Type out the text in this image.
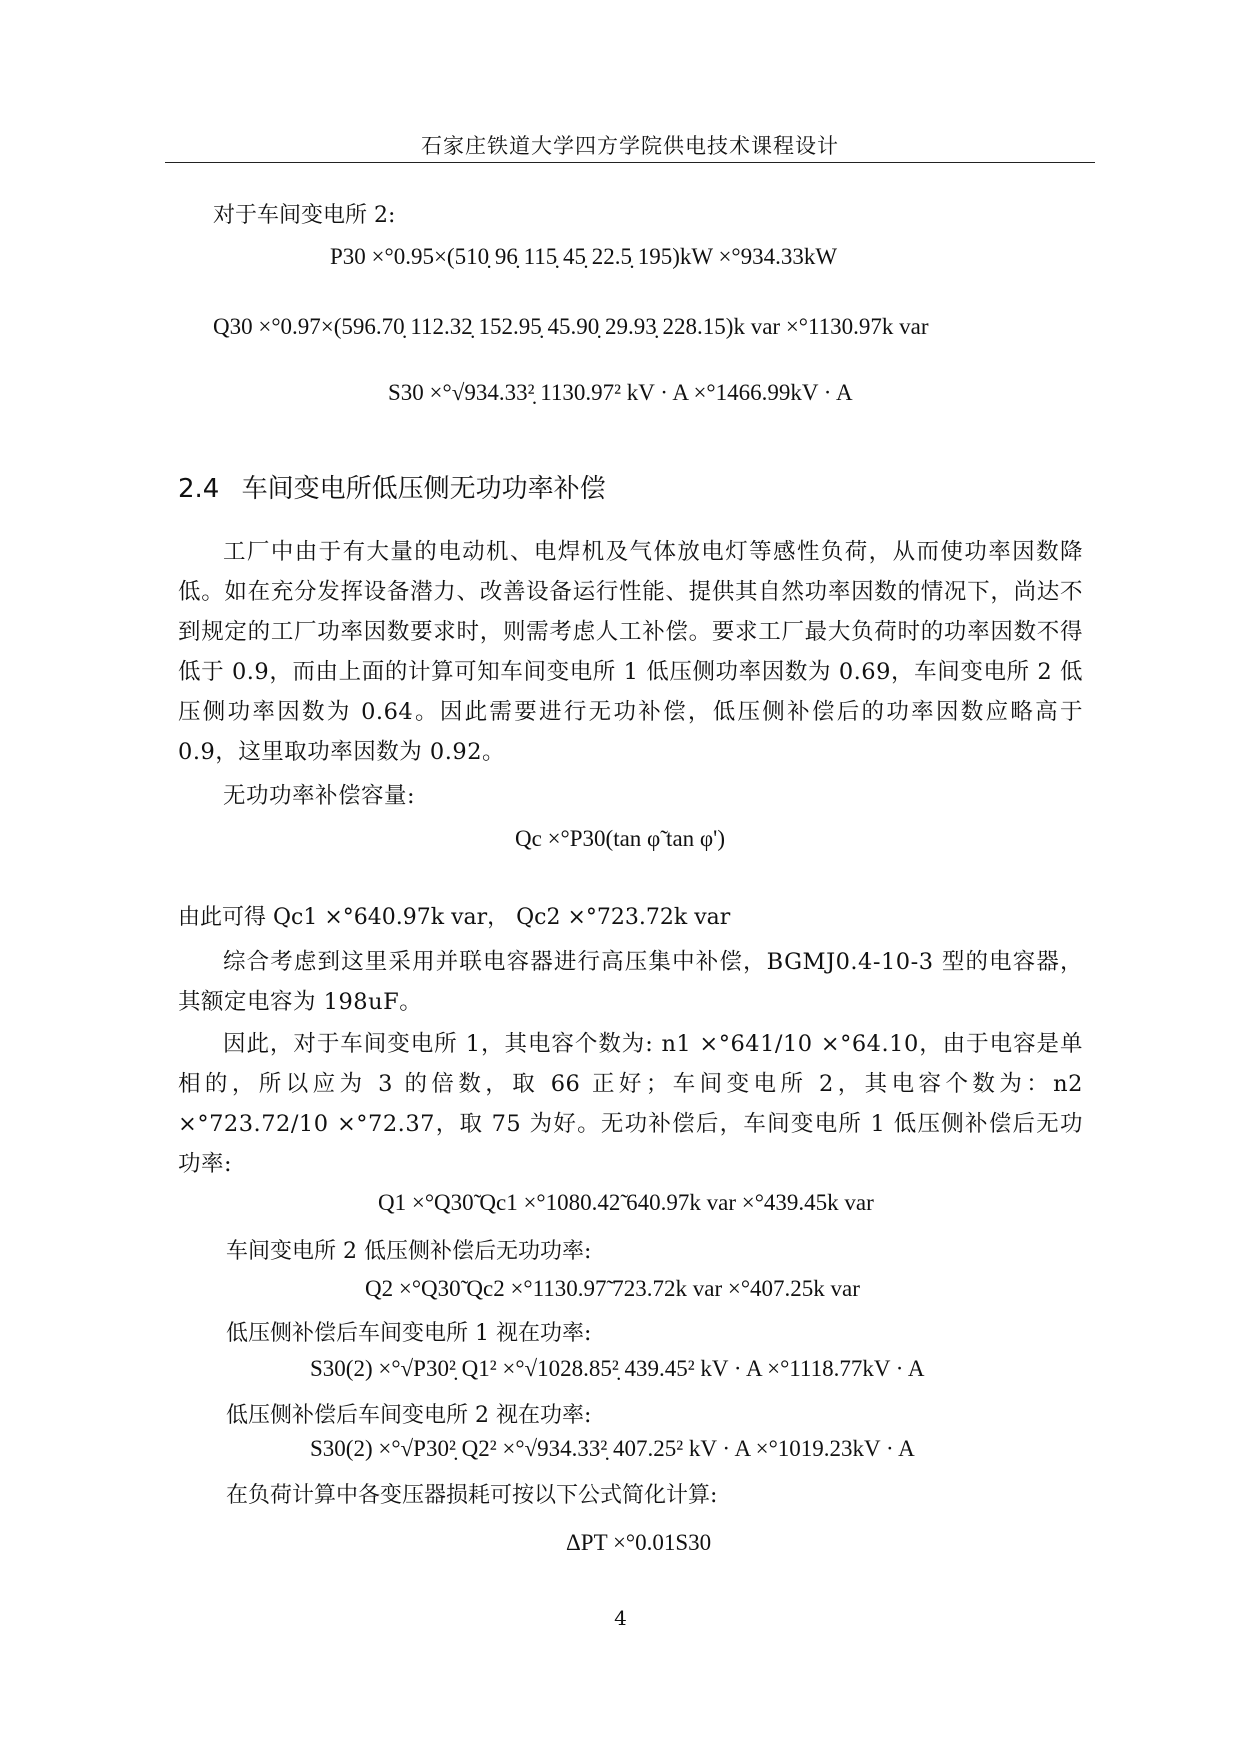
石家庄铁道大学四方学院供电技术课程设计
对于车间变电所 2:
P30 ×°0.95×(510̣ 96̣ 115̣ 45̣ 22.5̣ 195)kW ×°934.33kW
Q30 ×°0.97×(596.70̣ 112.32̣ 152.95̣ 45.90̣ 29.93̣ 228.15)k var ×°1130.97k var
S30 ×°√934.33²̣ 1130.97² kV · A ×°1466.99kV · A
2.4 车间变电所低压侧无功功率补偿
工厂中由于有大量的电动机、电焊机及气体放电灯等感性负荷，从而使功率因数降低。如在充分发挥设备潜力、改善设备运行性能、提供其自然功率因数的情况下，尚达不到规定的工厂功率因数要求时，则需考虑人工补偿。要求工厂最大负荷时的功率因数不得低于 0.9，而由上面的计算可知车间变电所 1 低压侧功率因数为 0.69，车间变电所 2 低压侧功率因数为 0.64。因此需要进行无功补偿，低压侧补偿后的功率因数应略高于 0.9，这里取功率因数为 0.92。
无功功率补偿容量:
Qc ×°P30(tan φ̃ tan φ')
由此可得 Qc1 ×°640.97k var， Qc2 ×°723.72k var
综合考虑到这里采用并联电容器进行高压集中补偿，BGMJ0.4-10-3 型的电容器，其额定电容为 198uF。
因此，对于车间变电所 1，其电容个数为: n1 ×°641/10 ×°64.10，由于电容是单相的，所以应为 3 的倍数，取 66 正好；车间变电所 2，其电容个数为：n2 ×°723.72/10 ×°72.37，取 75 为好。无功补偿后，车间变电所 1 低压侧补偿后无功功率:
Q1 ×°Q30̃ Qc1 ×°1080.42̃ 640.97k var ×°439.45k var
车间变电所 2 低压侧补偿后无功功率:
Q2 ×°Q30̃ Qc2 ×°1130.97̃ 723.72k var ×°407.25k var
低压侧补偿后车间变电所 1 视在功率:
S30(2) ×°√P30²̣ Q1² ×°√1028.85²̣ 439.45² kV · A ×°1118.77kV · A
低压侧补偿后车间变电所 2 视在功率:
S30(2) ×°√P30²̣ Q2² ×°√934.33²̣ 407.25² kV · A ×°1019.23kV · A
在负荷计算中各变压器损耗可按以下公式简化计算:
ΔPT ×°0.01S30
4
